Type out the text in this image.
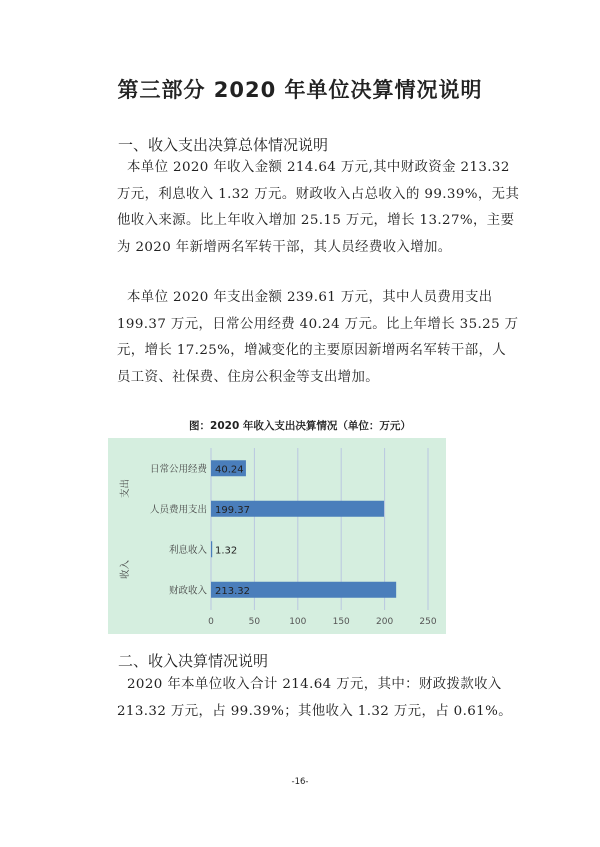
第三部分 2020 年单位决算情况说明
一、收入支出决算总体情况说明

本单位 2020 年收入金额 214.64 万元,其中财政资金 213.32
万元，利息收入 1.32 万元。财政收入占总收入的 99.39%，无其
他收入来源。比上年收入增加 25.15 万元，增长 13.27%，主要
为 2020 年新增两名军转干部，其人员经费收入增加。

本单位 2020 年支出金额 239.61 万元，其中人员费用支出
199.37 万元，日常公用经费 40.24 万元。比上年增长 35.25 万
元，增长 17.25%，增减变化的主要原因新增两名军转干部，人
员工资、社保费、住房公积金等支出增加。

图：2020 年收入支出决算情况（单位：万元）
0	50	100	150	200	250
日常公用经费 40.24
人员费用支出 199.37
利息收入 1.32
财政收入 213.32
支出
收入
二、收入决算情况说明

2020 年本单位收入合计 214.64 万元，其中：财政拨款收入
213.32 万元，占 99.39%；其他收入 1.32 万元，占 0.61%。

-16-
